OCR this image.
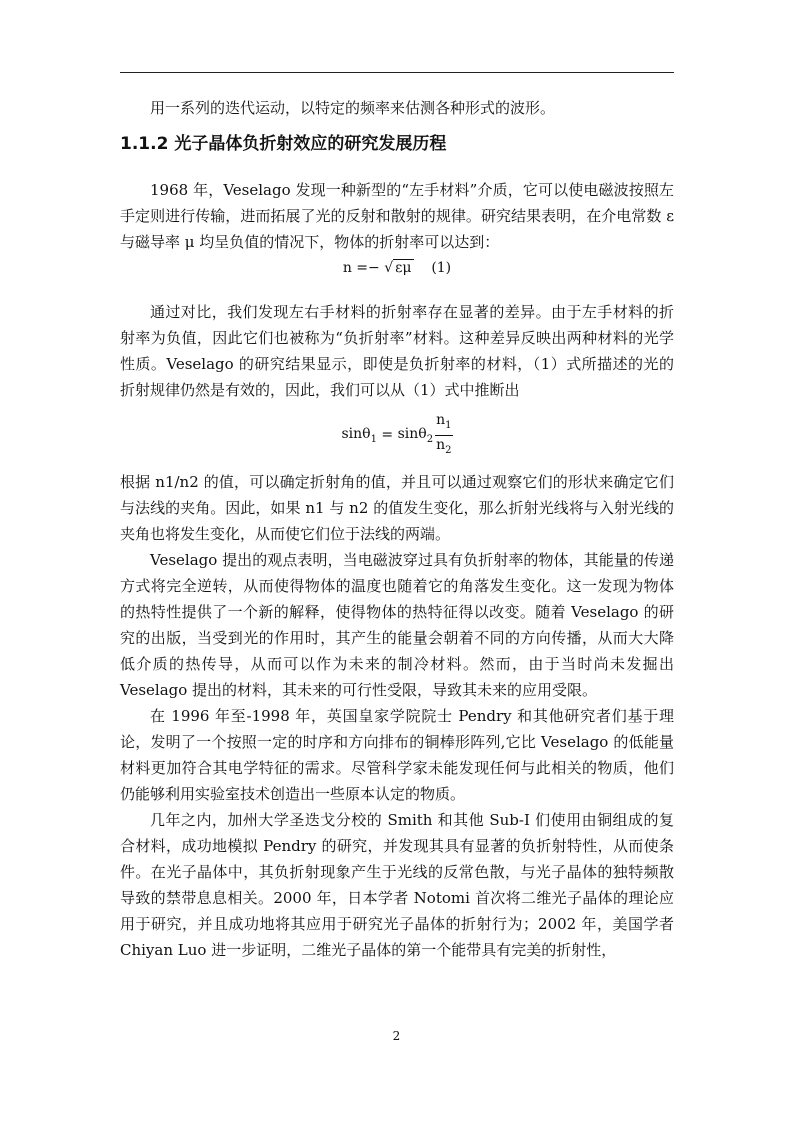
用一系列的迭代运动，以特定的频率来估测各种形式的波形。

1.1.2 光子晶体负折射效应的研究发展历程

1968 年，Veselago 发现一种新型的“左手材料”介质，它可以使电磁波按照左手定则进行传输，进而拓展了光的反射和散射的规律。研究结果表明，在介电常数 ε 与磁导率 μ 均呈负值的情况下，物体的折射率可以达到：

n =− √ εμ (1)

通过对比，我们发现左右手材料的折射率存在显著的差异。由于左手材料的折射率为负值，因此它们也被称为“负折射率”材料。这种差异反映出两种材料的光学性质。Veselago 的研究结果显示，即使是负折射率的材料，（1）式所描述的光的折射规律仍然是有效的，因此，我们可以从（1）式中推断出

sinθ$_1$
=
$\sin\theta_2 \frac{n_1}{n_2}$

根据 n1/n2 的值，可以确定折射角的值，并且可以通过观察它们的形状来确定它们与法线的夹角。因此，如果 n1 与 n2 的值发生变化，那么折射光线将与入射光线的夹角也将发生变化，从而使它们位于法线的两端。

Veselago 提出的观点表明，当电磁波穿过具有负折射率的物体，其能量的传递方式将完全逆转，从而使得物体的温度也随着它的角落发生变化。这一发现为物体的热特性提供了一个新的解释，使得物体的热特征得以改变。随着 Veselago 的研究的出版，当受到光的作用时，其产生的能量会朝着不同的方向传播，从而大大降低介质的热传导，从而可以作为未来的制冷材料。然而，由于当时尚未发掘出 Veselago 提出的材料，其未来的可行性受限，导致其未来的应用受限。

在 1996 年至-1998 年，英国皇家学院院士 Pendry 和其他研究者们基于理论，发明了一个按照一定的时序和方向排布的铜棒形阵列,它比 Veselago 的低能量材料更加符合其电学特征的需求。尽管科学家未能发现任何与此相关的物质，他们仍能够利用实验室技术创造出一些原本认定的物质。

几年之内，加州大学圣迭戈分校的 Smith 和其他 Sub-I 们使用由铜组成的复合材料，成功地模拟 Pendry 的研究，并发现其具有显著的负折射特性，从而使条件。在光子晶体中，其负折射现象产生于光线的反常色散，与光子晶体的独特频散导致的禁带息息相关。2000 年，日本学者 Notomi 首次将二维光子晶体的理论应用于研究，并且成功地将其应用于研究光子晶体的折射行为；2002 年，美国学者 Chiyan Luo 进一步证明，二维光子晶体的第一个能带具有完美的折射性，

2
